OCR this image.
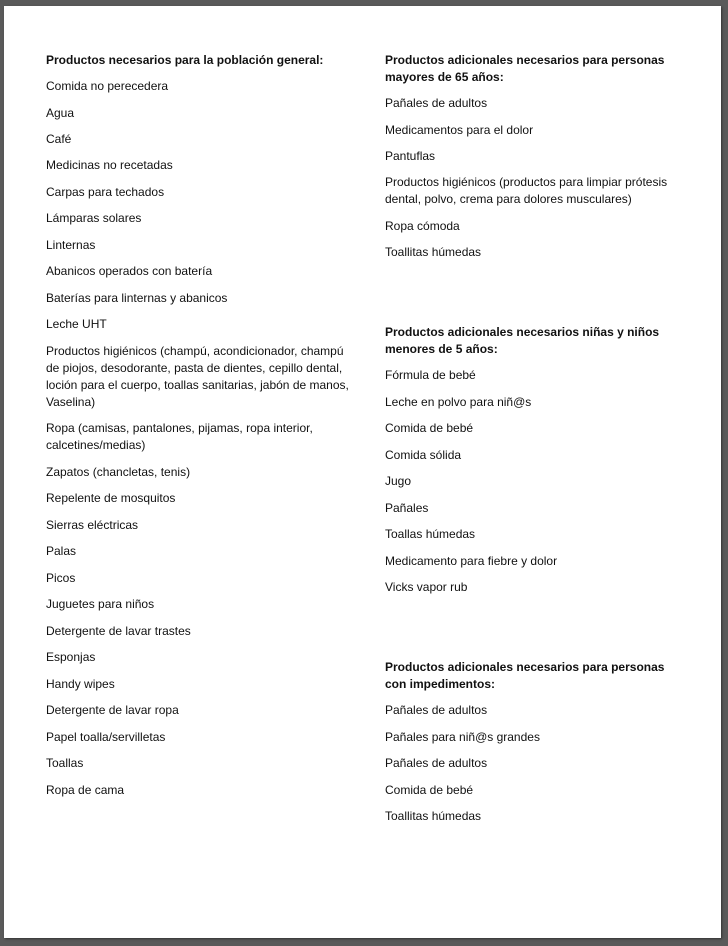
Productos necesarios para la población general:
Comida no perecedera
Agua
Café
Medicinas no recetadas
Carpas para techados
Lámparas solares
Linternas
Abanicos operados con batería
Baterías para linternas y abanicos
Leche UHT
Productos higiénicos (champú, acondicionador, champú de piojos, desodorante, pasta de dientes, cepillo dental, loción para el cuerpo, toallas sanitarias, jabón de manos, Vaselina)
Ropa (camisas, pantalones, pijamas, ropa interior, calcetines/medias)
Zapatos (chancletas, tenis)
Repelente de mosquitos
Sierras eléctricas
Palas
Picos
Juguetes para niños
Detergente de lavar trastes
Esponjas
Handy wipes
Detergente de lavar ropa
Papel toalla/servilletas
Toallas
Ropa de cama
Productos adicionales necesarios para personas mayores de 65 años:
Pañales de adultos
Medicamentos para el dolor
Pantuflas
Productos higiénicos (productos para limpiar prótesis dental, polvo, crema para dolores musculares)
Ropa cómoda
Toallitas húmedas
Productos adicionales necesarios niñas y niños menores de 5 años:
Fórmula de bebé
Leche en polvo para niñ@s
Comida de bebé
Comida sólida
Jugo
Pañales
Toallas húmedas
Medicamento para fiebre y dolor
Vicks vapor rub
Productos adicionales necesarios para personas con impedimentos:
Pañales de adultos
Pañales para niñ@s grandes
Pañales de adultos
Comida de bebé
Toallitas húmedas
